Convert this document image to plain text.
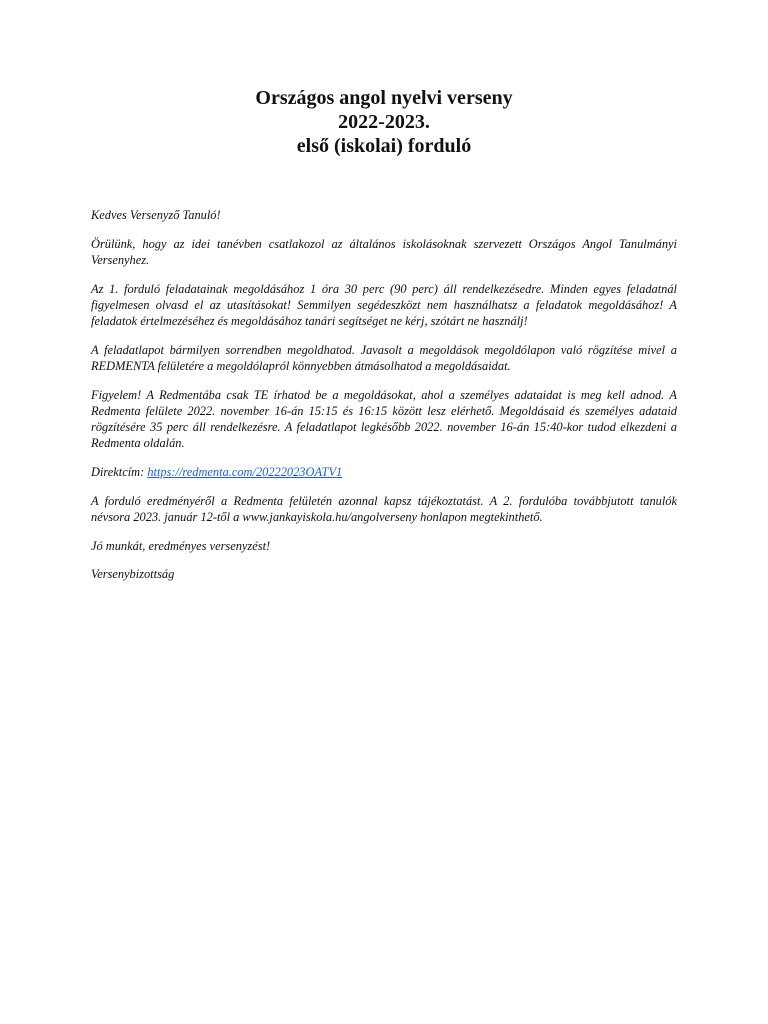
Országos angol nyelvi verseny

2022-2023.

első (iskolai) forduló

Kedves Versenyző Tanuló!

Örülünk, hogy az idei tanévben csatlakozol az általános iskolásoknak szervezett Országos Angol Tanulmányi Versenyhez.

Az 1. forduló feladatainak megoldásához 1 óra 30 perc (90 perc) áll rendelkezésedre. Minden egyes feladatnál figyelmesen olvasd el az utasításokat! Semmilyen segédeszközt nem használhatsz a feladatok megoldásához! A feladatok értelmezéséhez és megoldásához tanári segítséget ne kérj, szótárt ne használj!

A feladatlapot bármilyen sorrendben megoldhatod. Javasolt a megoldások megoldólapon való rögzítése mivel a REDMENTA felületére a megoldólapról könnyebben átmásolhatod a megoldásaidat.

Figyelem! A Redmentába csak TE írhatod be a megoldásokat, ahol a személyes adataidat is meg kell adnod. A Redmenta felülete 2022. november 16-án 15:15 és 16:15 között lesz elérhető. Megoldásaid és személyes adataid rögzítésére 35 perc áll rendelkezésre. A feladatlapot legkésőbb 2022. november 16-án 15:40-kor tudod elkezdeni a Redmenta oldalán.

Direktcím: https://redmenta.com/20222023OATV1

A forduló eredményéről a Redmenta felületén azonnal kapsz tájékoztatást. A 2. fordulóba továbbjutott tanulók névsora 2023. január 12-től a www.jankayiskola.hu/angolverseny honlapon megtekinthető.

Jó munkát, eredményes versenyzést!

Versenybizottság
